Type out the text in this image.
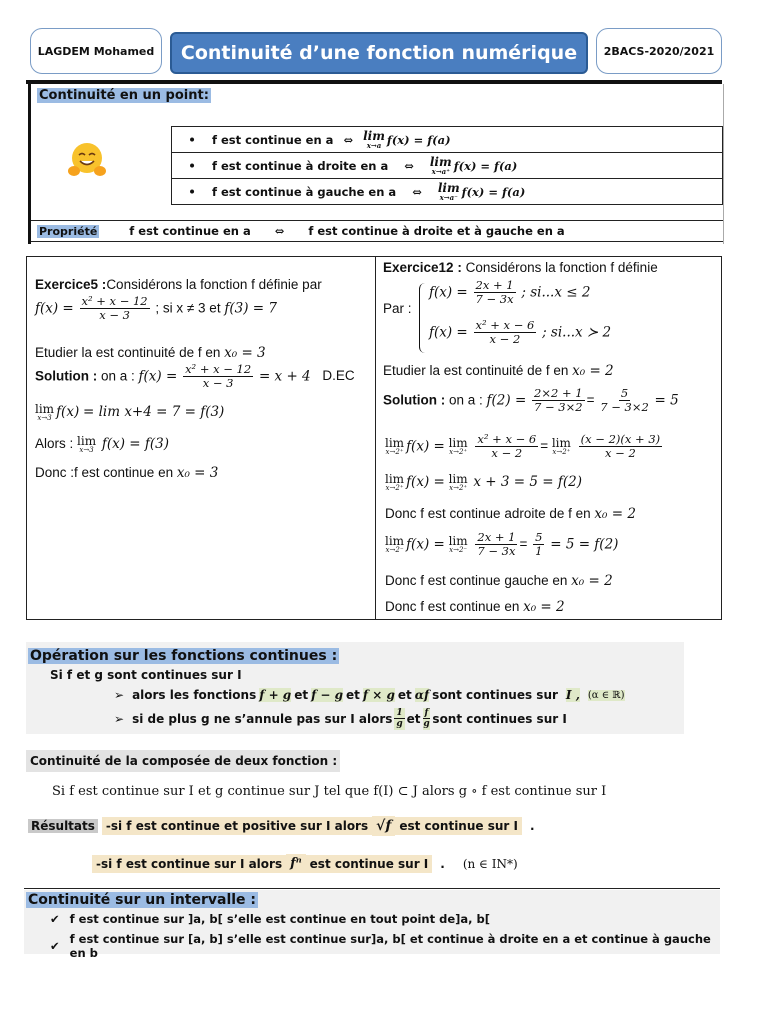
LAGDEM Mohamed Continuité d’une fonction numérique 2BACS-2020/2021
Continuité en un point:
•	f est continue en a ⇔ lim
x→a f(x) = f(a)
•	f est continue à droite en a ⇔ lim
x→a⁺ f(x) = f(a)
•	f est continue à gauche en a ⇔ lim
x→a⁻ f(x) = f(a)
Propriété	f est continue en a ⇔ f est continue à droite et à gauche en a
Exercice5 :Considérons la fonction f définie par
$f(x) = \frac{\text{x² + x − 12}}{x - 3}$ ; si x ≠ 3 et f(3) = 7
Etudier la est continuité de f en x₀ = 3
Solution : on a : $f(x) = \frac{\text{x² + x − 12}}{x - 3} = x + 4$ D.EC
lim
x→3 f(x) = lim x+4 = 7 = f(3)
Alors : lim
x→3 f(x) = f(3)
Donc :f est continue en x₀ = 3
Exercice12 : Considérons la fonction f définie
Par :
$f(x) = \frac{2x + 1}{7 - 3x}$ ; si...x ≤ 2
$f(x) = \frac{\text{x² + x − 6}}{x - 2}$ ; si...x ≻ 2
Etudier la est continuité de f en x₀ = 2
Solution : on a : $f(2) = \frac{2\times 2 + 1}{7 - 3\times 2} = \frac{5}{7 - 3\times 2} = 5$
lim
x→2⁺ f(x) = lim
x→2⁺
$\frac{\text{x² + x − 6}}{x - 2} = \lim$
x→2⁺
$\frac{(x - 2)(x + 3)}{x - 2}$
lim
x→2⁺ f(x) = lim
x→2⁺ x + 3 = 5 = f(2)
Donc f est continue adroite de f en x₀ = 2
lim
x→2⁻ f(x) = lim
x→2⁻
$\frac{2x + 1}{7 - 3x} = \frac{5}{1} = 5 = f(2)$
Donc f est continue gauche en x₀ = 2
Donc f est continue en x₀ = 2
Opération sur les fonctions continues :
Si f et g sont continues sur I
➢ alors les fonctions f + g et f − g et f × g et αf sont continues sur I , (α ∈ ℝ)
➢ si de plus g ne s’annule pas sur I alors $\frac{1}{g}$ et $\frac{f}{g}$ sont continues sur I
Continuité de la composée de deux fonction :
Si f est continue sur I et g continue sur J tel que f(I) ⊂ J alors g ∘ f est continue sur I
Résultats -si f est continue et positive sur I alors √f est continue sur I	.
-si f est continue sur I alors fⁿ est continue sur I	. (n ∈ IN*)
Continuité sur un intervalle :
✔ f est continue sur ]a, b[ s’elle est continue en tout point de]a, b[
✔ f est continue sur [a, b] s’elle est continue sur]a, b[ et continue à droite en a et continue à gauche en b
